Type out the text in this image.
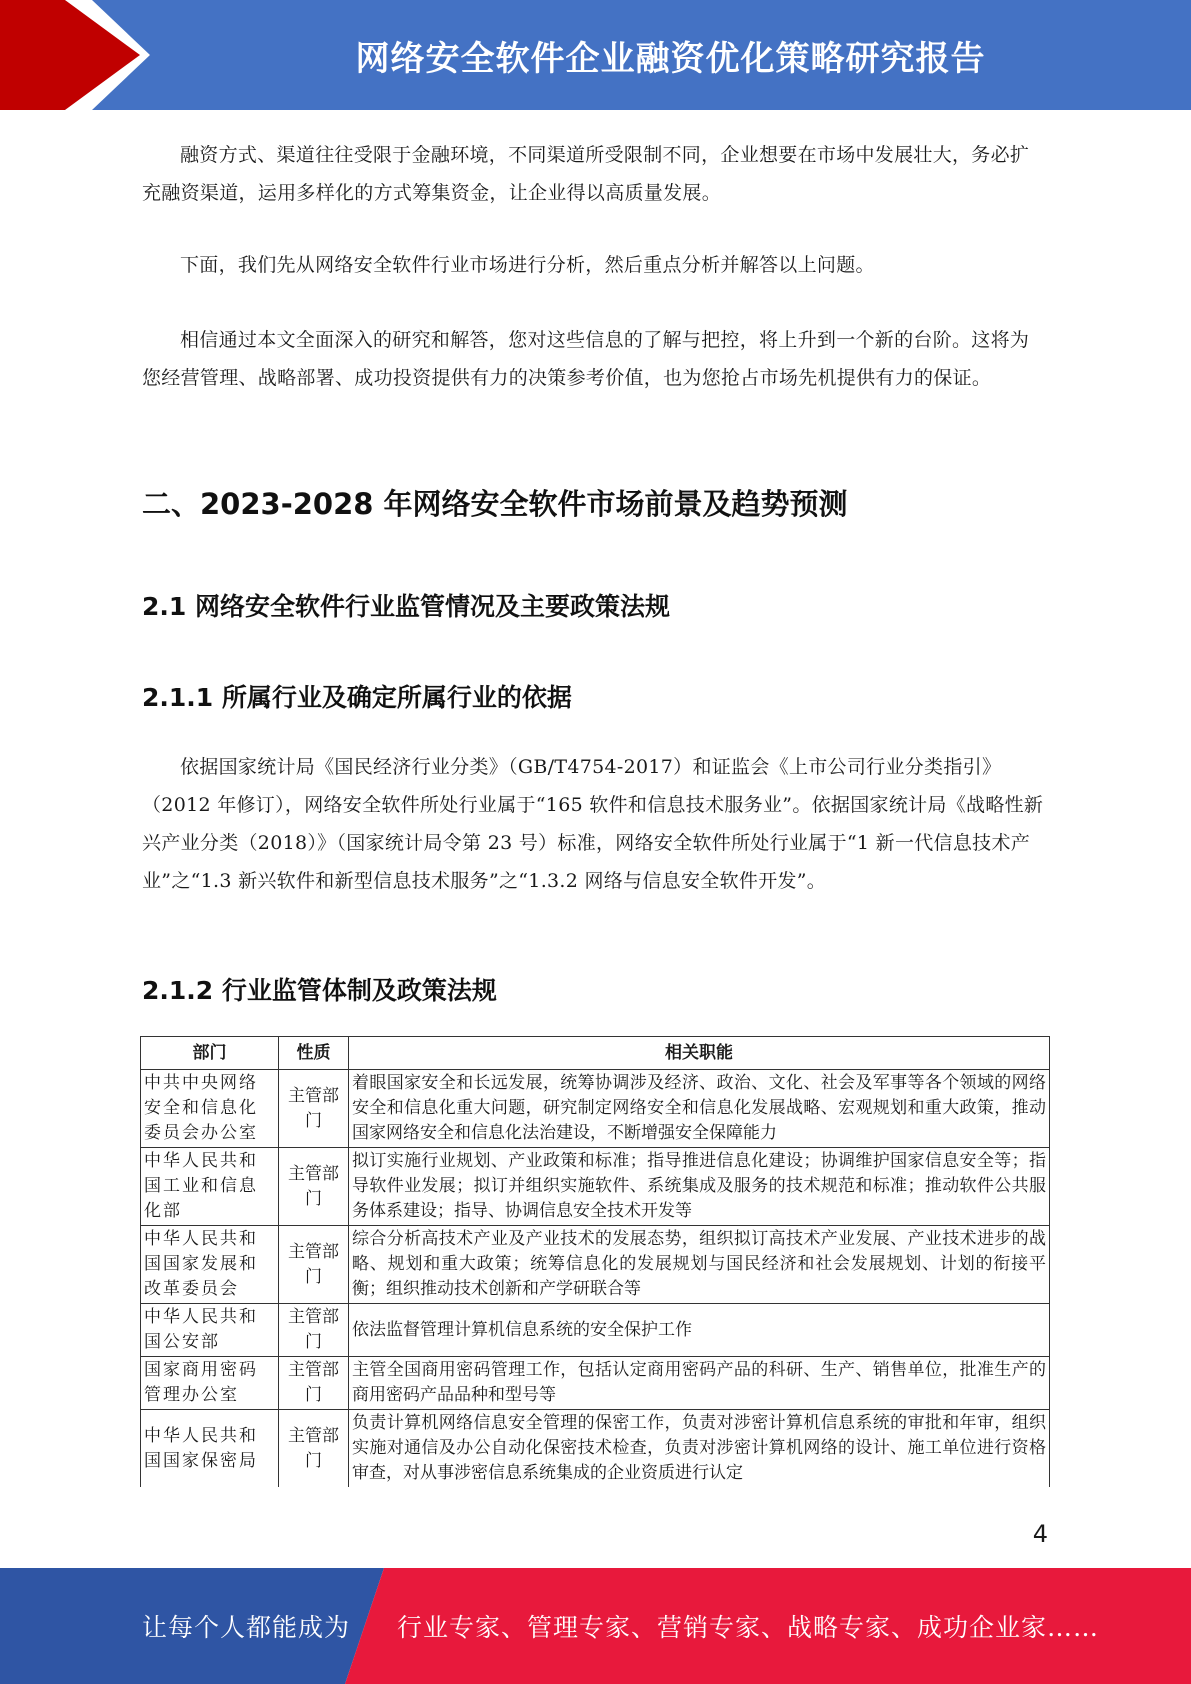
网络安全软件企业融资优化策略研究报告

融资方式、渠道往往受限于金融环境，不同渠道所受限制不同，企业想要在市场中发展壮大，务必扩充融资渠道，运用多样化的方式筹集资金，让企业得以高质量发展。

下面，我们先从网络安全软件行业市场进行分析，然后重点分析并解答以上问题。

相信通过本文全面深入的研究和解答，您对这些信息的了解与把控，将上升到一个新的台阶。这将为您经营管理、战略部署、成功投资提供有力的决策参考价值，也为您抢占市场先机提供有力的保证。

二、2023-2028 年网络安全软件市场前景及趋势预测
2.1 网络安全软件行业监管情况及主要政策法规
2.1.1 所属行业及确定所属行业的依据

依据国家统计局《国民经济行业分类》（GB/T4754-2017）和证监会《上市公司行业分类指引》（2012 年修订），网络安全软件所处行业属于“165 软件和信息技术服务业”。依据国家统计局《战略性新兴产业分类（2018）》（国家统计局令第 23 号）标准，网络安全软件所处行业属于“1 新一代信息技术产业”之“1.3 新兴软件和新型信息技术服务”之“1.3.2 网络与信息安全软件开发”。

2.1.2 行业监管体制及政策法规
部门	性质	相关职能
中共中央网络安全和信息化委员会办公室	主管部门	着眼国家安全和长远发展，统筹协调涉及经济、政治、文化、社会及军事等各个领域的网络安全和信息化重大问题，研究制定网络安全和信息化发展战略、宏观规划和重大政策，推动国家网络安全和信息化法治建设，不断增强安全保障能力
中华人民共和国工业和信息化部	主管部门	拟订实施行业规划、产业政策和标准；指导推进信息化建设；协调维护国家信息安全等；指导软件业发展；拟订并组织实施软件、系统集成及服务的技术规范和标准；推动软件公共服务体系建设；指导、协调信息安全技术开发等
中华人民共和国国家发展和改革委员会	主管部门	综合分析高技术产业及产业技术的发展态势，组织拟订高技术产业发展、产业技术进步的战略、规划和重大政策；统筹信息化的发展规划与国民经济和社会发展规划、计划的衔接平衡；组织推动技术创新和产学研联合等
中华人民共和国公安部	主管部门	依法监督管理计算机信息系统的安全保护工作
国家商用密码管理办公室	主管部门	主管全国商用密码管理工作，包括认定商用密码产品的科研、生产、销售单位，批准生产的商用密码产品品种和型号等
中华人民共和国国家保密局	主管部门	负责计算机网络信息安全管理的保密工作，负责对涉密计算机信息系统的审批和年审，组织实施对通信及办公自动化保密技术检查，负责对涉密计算机网络的设计、施工单位进行资格审查，对从事涉密信息系统集成的企业资质进行认定
4
让每个人都能成为 行业专家、管理专家、营销专家、战略专家、成功企业家……
